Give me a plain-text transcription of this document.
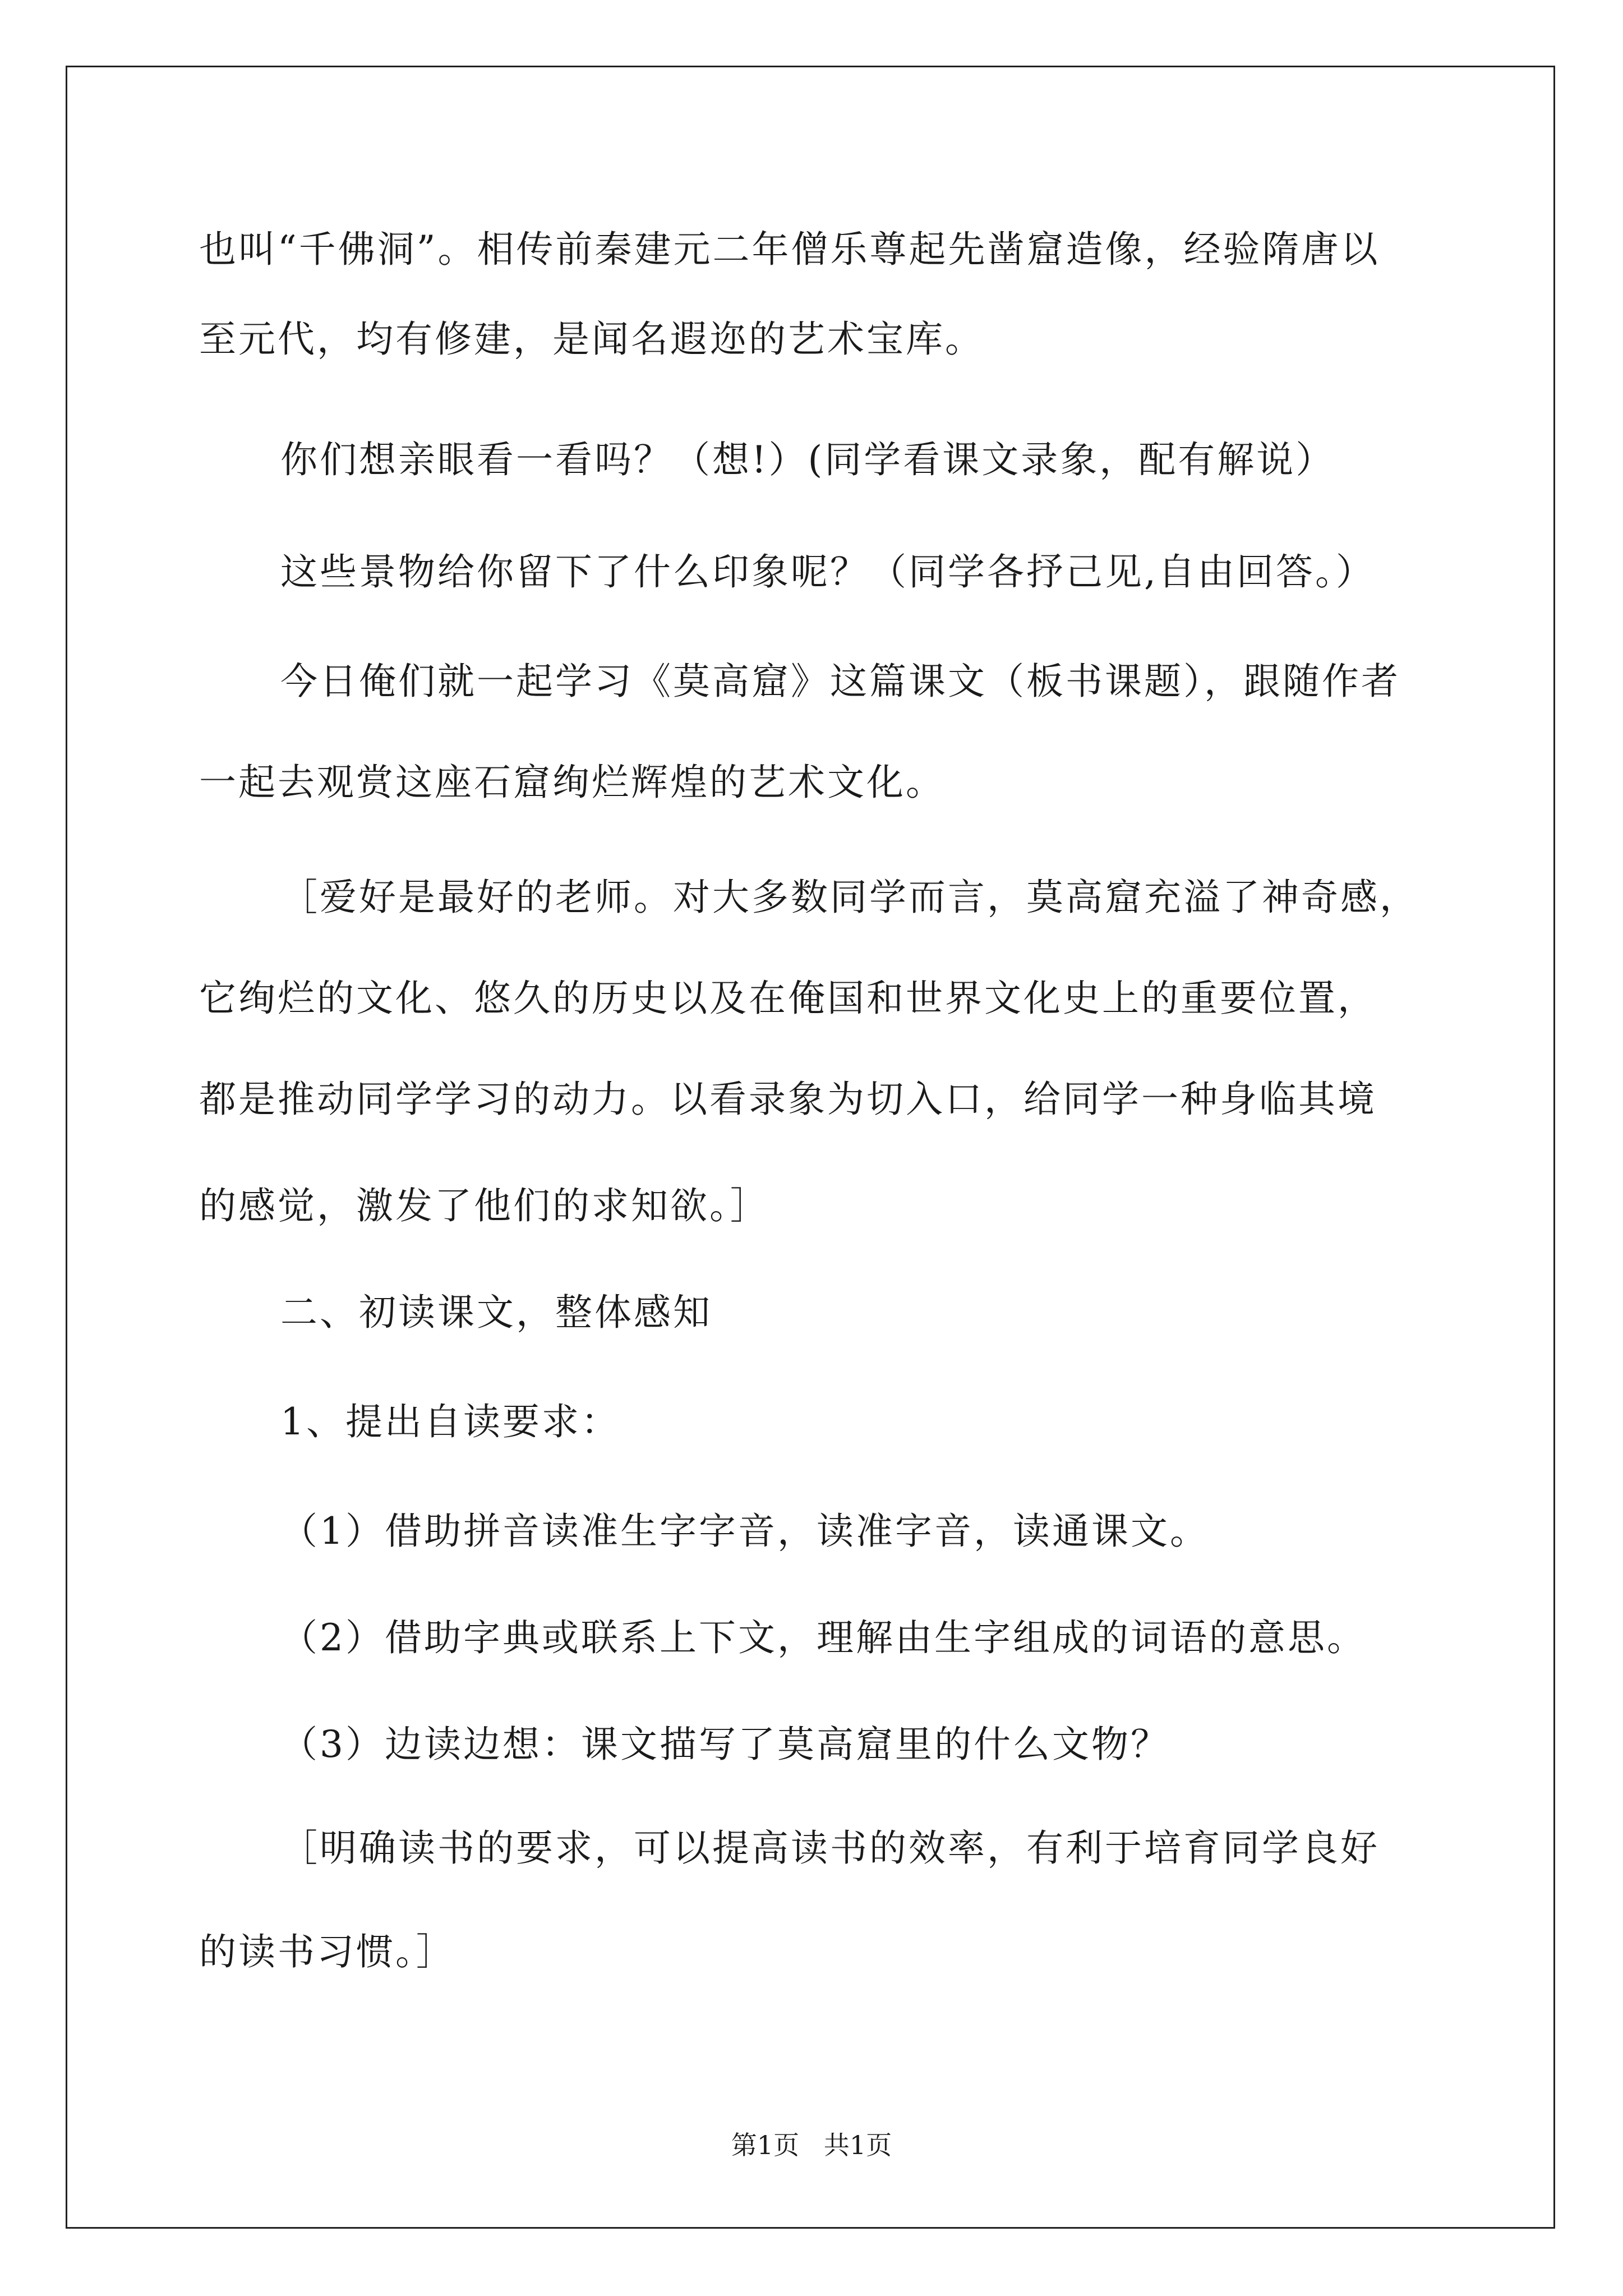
也叫“千佛洞”。相传前秦建元二年僧乐尊起先凿窟造像，经验隋唐以
至元代，均有修建，是闻名遐迩的艺术宝库。
你们想亲眼看一看吗？（想!）(同学看课文录象，配有解说）
这些景物给你留下了什么印象呢？（同学各抒己见,自由回答。）
今日俺们就一起学习《莫高窟》这篇课文（板书课题），跟随作者
一起去观赏这座石窟绚烂辉煌的艺术文化。
［爱好是最好的老师。对大多数同学而言，莫高窟充溢了神奇感，
它绚烂的文化、悠久的历史以及在俺国和世界文化史上的重要位置，
都是推动同学学习的动力。以看录象为切入口，给同学一种身临其境
的感觉，激发了他们的求知欲。］
二、初读课文，整体感知
1、提出自读要求：
（1）借助拼音读准生字字音，读准字音，读通课文。
（2）借助字典或联系上下文，理解由生字组成的词语的意思。
（3）边读边想：课文描写了莫高窟里的什么文物？
［明确读书的要求，可以提高读书的效率，有利于培育同学良好
的读书习惯。］
第1页   共1页
